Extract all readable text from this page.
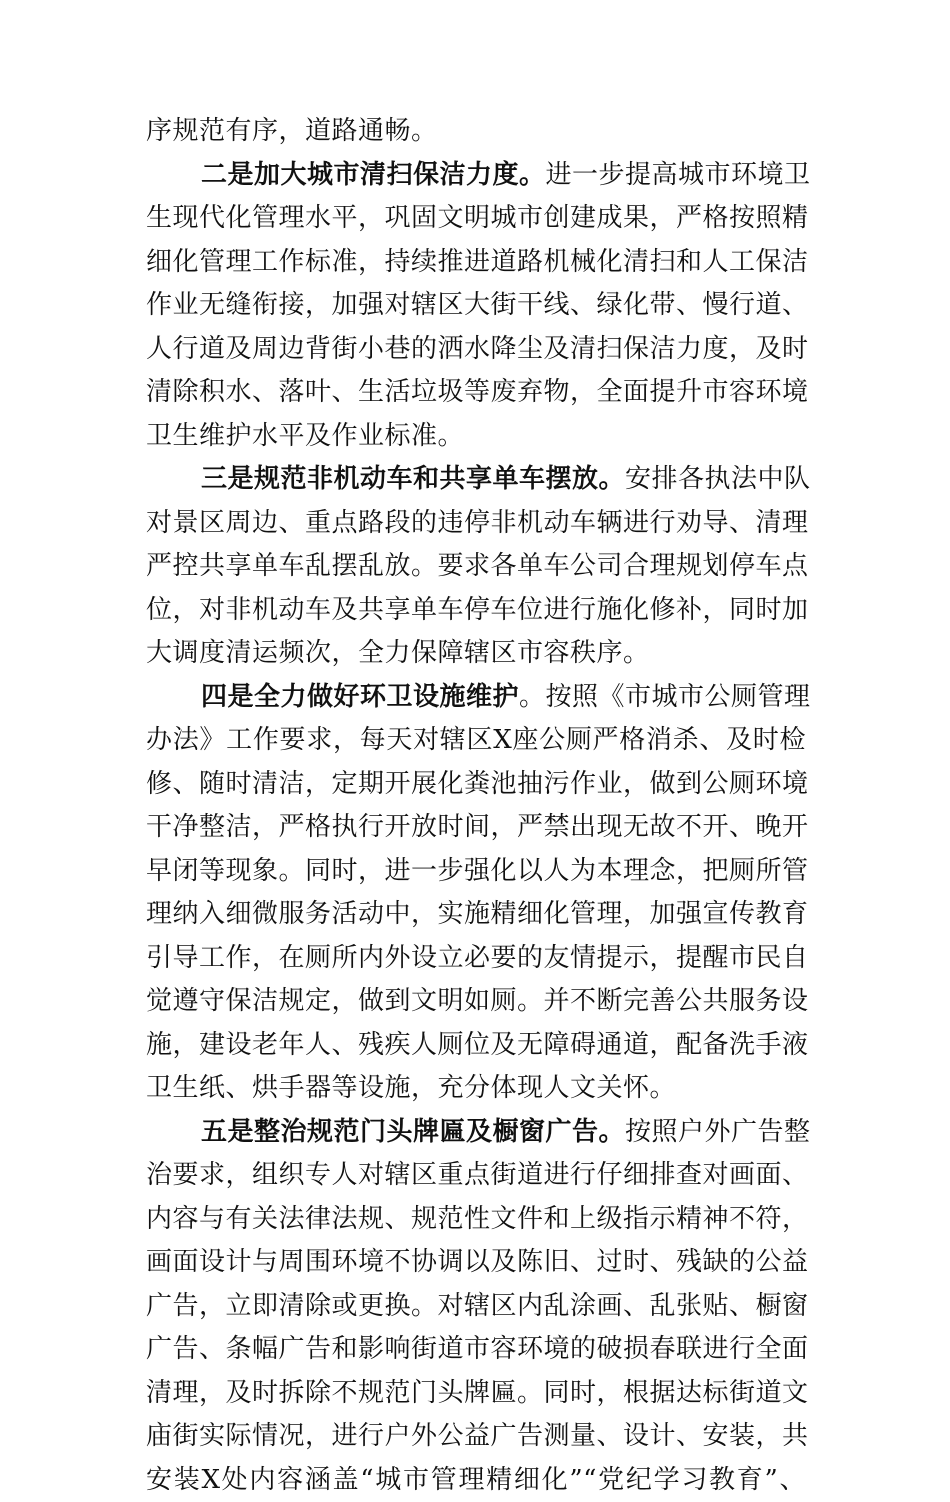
序规范有序，道路通畅。
二是加大城市清扫保洁力度。进一步提高城市环境卫
生现代化管理水平，巩固文明城市创建成果，严格按照精
细化管理工作标准，持续推进道路机械化清扫和人工保洁
作业无缝衔接，加强对辖区大街干线、绿化带、慢行道、
人行道及周边背街小巷的洒水降尘及清扫保洁力度，及时
清除积水、落叶、生活垃圾等废弃物，全面提升市容环境
卫生维护水平及作业标准。
三是规范非机动车和共享单车摆放。安排各执法中队
对景区周边、重点路段的违停非机动车辆进行劝导、清理
严控共享单车乱摆乱放。要求各单车公司合理规划停车点
位，对非机动车及共享单车停车位进行施化修补，同时加
大调度清运频次，全力保障辖区市容秩序。
四是全力做好环卫设施维护。按照《市城市公厕管理
办法》工作要求，每天对辖区X座公厕严格消杀、及时检
修、随时清洁，定期开展化粪池抽污作业，做到公厕环境
干净整洁，严格执行开放时间，严禁出现无故不开、晚开
早闭等现象。同时，进一步强化以人为本理念，把厕所管
理纳入细微服务活动中，实施精细化管理，加强宣传教育
引导工作，在厕所内外设立必要的友情提示，提醒市民自
觉遵守保洁规定，做到文明如厕。并不断完善公共服务设
施，建设老年人、残疾人厕位及无障碍通道，配备洗手液
卫生纸、烘手器等设施，充分体现人文关怀。
五是整治规范门头牌匾及橱窗广告。按照户外广告整
治要求，组织专人对辖区重点街道进行仔细排查对画面、
内容与有关法律法规、规范性文件和上级指示精神不符，
画面设计与周围环境不协调以及陈旧、过时、残缺的公益
广告，立即清除或更换。对辖区内乱涂画、乱张贴、橱窗
广告、条幅广告和影响街道市容环境的破损春联进行全面
清理，及时拆除不规范门头牌匾。同时，根据达标街道文
庙街实际情况，进行户外公益广告测量、设计、安装，共
安装X处内容涵盖“城市管理精细化”“党纪学习教育”、
